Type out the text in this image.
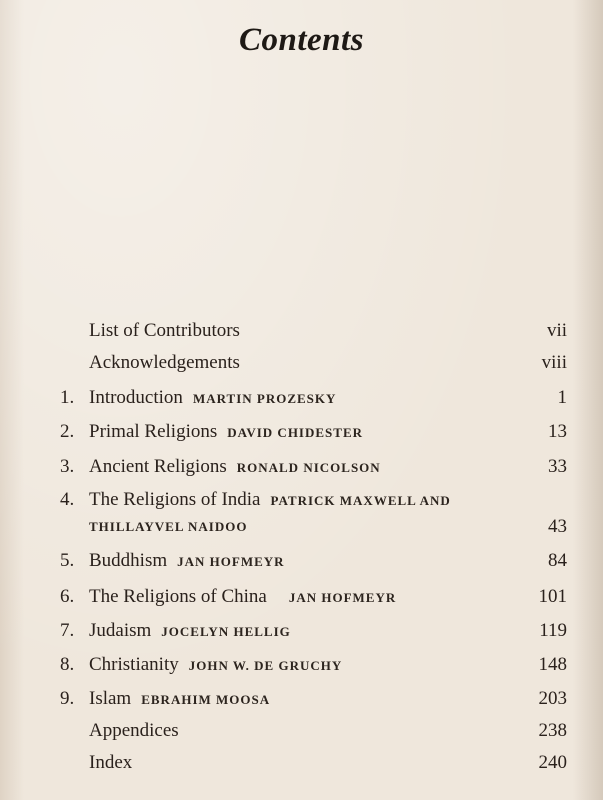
Contents
List of Contributors	vii
Acknowledgements	viii
1. Introduction MARTIN PROZESKY	1
2. Primal Religions DAVID CHIDESTER	13
3. Ancient Religions RONALD NICOLSON	33
4. The Religions of India PATRICK MAXWELL AND
THILLAYVEL NAIDOO	43
5. Buddhism JAN HOFMEYR	84
6. The Religions of China JAN HOFMEYR	101
7. Judaism JOCELYN HELLIG	119
8. Christianity JOHN W. DE GRUCHY	148
9. Islam EBRAHIM MOOSA	203
Appendices	238
Index	240
